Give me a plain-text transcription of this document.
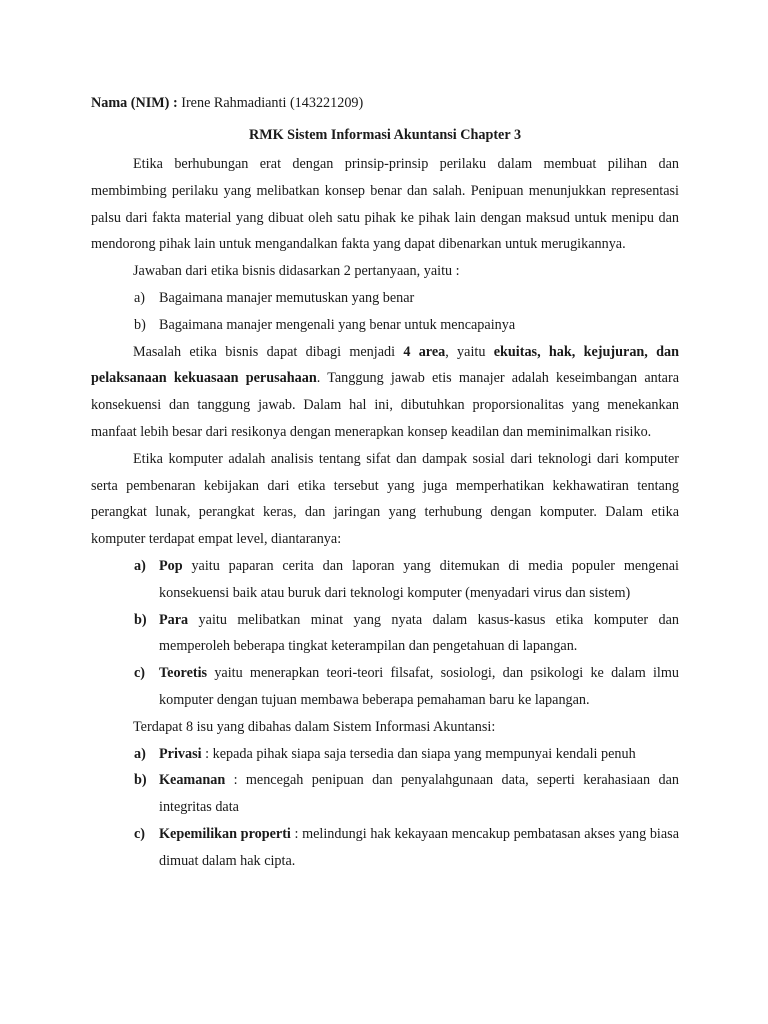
Nama (NIM) : Irene Rahmadianti (143221209)
RMK Sistem Informasi Akuntansi Chapter 3

Etika berhubungan erat dengan prinsip-prinsip perilaku dalam membuat pilihan dan membimbing perilaku yang melibatkan konsep benar dan salah. Penipuan menunjukkan representasi palsu dari fakta material yang dibuat oleh satu pihak ke pihak lain dengan maksud untuk menipu dan mendorong pihak lain untuk mengandalkan fakta yang dapat dibenarkan untuk merugikannya.

Jawaban dari etika bisnis didasarkan 2 pertanyaan, yaitu :

a) Bagaimana manajer memutuskan yang benar
b) Bagaimana manajer mengenali yang benar untuk mencapainya

Masalah etika bisnis dapat dibagi menjadi 4 area, yaitu ekuitas, hak, kejujuran, dan pelaksanaan kekuasaan perusahaan. Tanggung jawab etis manajer adalah keseimbangan antara konsekuensi dan tanggung jawab. Dalam hal ini, dibutuhkan proporsionalitas yang menekankan manfaat lebih besar dari resikonya dengan menerapkan konsep keadilan dan meminimalkan risiko.

Etika komputer adalah analisis tentang sifat dan dampak sosial dari teknologi dari komputer serta pembenaran kebijakan dari etika tersebut yang juga memperhatikan kekhawatiran tentang perangkat lunak, perangkat keras, dan jaringan yang terhubung dengan komputer. Dalam etika komputer terdapat empat level, diantaranya:

a) Pop yaitu paparan cerita dan laporan yang ditemukan di media populer mengenai konsekuensi baik atau buruk dari teknologi komputer (menyadari virus dan sistem)
b) Para yaitu melibatkan minat yang nyata dalam kasus-kasus etika komputer dan memperoleh beberapa tingkat keterampilan dan pengetahuan di lapangan.
c) Teoretis yaitu menerapkan teori-teori filsafat, sosiologi, dan psikologi ke dalam ilmu komputer dengan tujuan membawa beberapa pemahaman baru ke lapangan.

Terdapat 8 isu yang dibahas dalam Sistem Informasi Akuntansi:

a) Privasi : kepada pihak siapa saja tersedia dan siapa yang mempunyai kendali penuh
b) Keamanan : mencegah penipuan dan penyalahgunaan data, seperti kerahasiaan dan integritas data
c) Kepemilikan properti : melindungi hak kekayaan mencakup pembatasan akses yang biasa dimuat dalam hak cipta.
